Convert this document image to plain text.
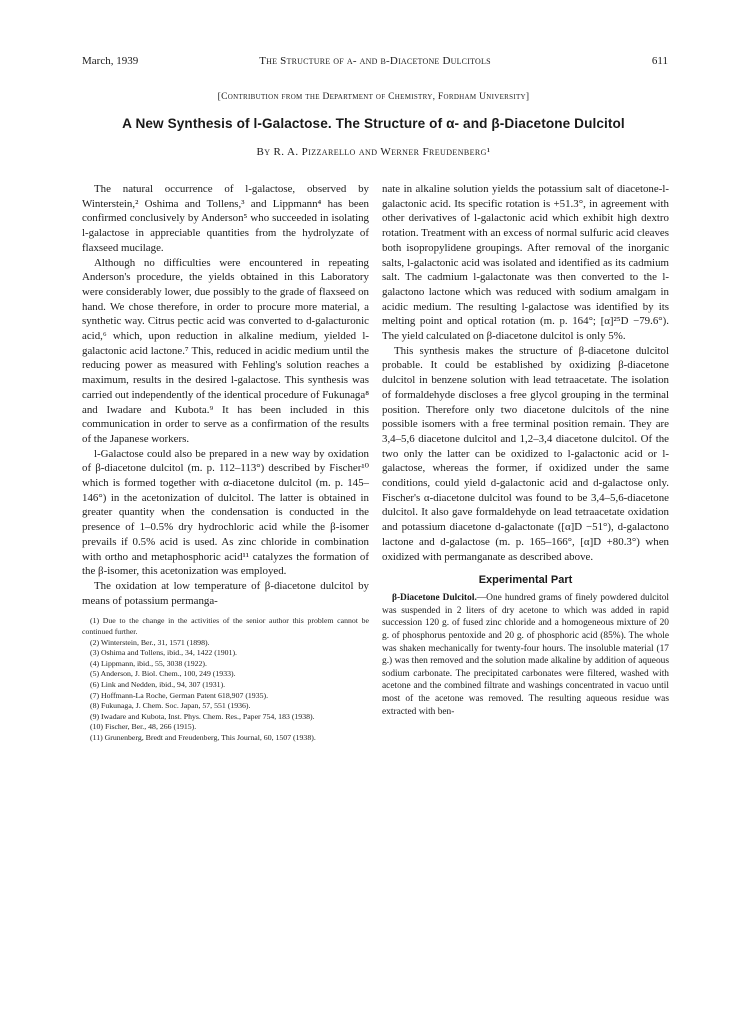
March, 1939	The Structure of α- and β-Diacetone Dulcitols	611
[Contribution from the Department of Chemistry, Fordham University]
A New Synthesis of l-Galactose. The Structure of α- and β-Diacetone Dulcitol
By R. A. Pizzarello and Werner Freudenberg¹

The natural occurrence of l-galactose, observed by Winterstein,² Oshima and Tollens,³ and Lippmann⁴ has been confirmed conclusively by Anderson⁵ who succeeded in isolating l-galactose in appreciable quantities from the hydrolyzate of flaxseed mucilage.

Although no difficulties were encountered in repeating Anderson's procedure, the yields obtained in this Laboratory were considerably lower, due possibly to the grade of flaxseed on hand. We chose therefore, in order to procure more material, a synthetic way. Citrus pectic acid was converted to d-galacturonic acid,⁶ which, upon reduction in alkaline medium, yielded l-galactonic acid lactone.⁷ This, reduced in acidic medium until the reducing power as measured with Fehling's solution reaches a maximum, results in the desired l-galactose. This synthesis was carried out independently of the identical procedure of Fukunaga⁸ and Iwadare and Kubota.⁹ It has been included in this communication in order to serve as a confirmation of the results of the Japanese workers.

l-Galactose could also be prepared in a new way by oxidation of β-diacetone dulcitol (m. p. 112–113°) described by Fischer¹⁰ which is formed together with α-diacetone dulcitol (m. p. 145–146°) in the acetonization of dulcitol. The latter is obtained in greater quantity when the condensation is conducted in the presence of 1–0.5% dry hydrochloric acid while the β-isomer prevails if 0.5% acid is used. As zinc chloride in combination with ortho and metaphosphoric acid¹¹ catalyzes the formation of the β-isomer, this acetonization was employed.

The oxidation at low temperature of β-diacetone dulcitol by means of potassium permanga-

(1) Due to the change in the activities of the senior author this problem cannot be continued further.

(2) Winterstein, Ber., 31, 1571 (1898).

(3) Oshima and Tollens, ibid., 34, 1422 (1901).

(4) Lippmann, ibid., 55, 3038 (1922).

(5) Anderson, J. Biol. Chem., 100, 249 (1933).

(6) Link and Nedden, ibid., 94, 307 (1931).

(7) Hoffmann-La Roche, German Patent 618,907 (1935).

(8) Fukunaga, J. Chem. Soc. Japan, 57, 551 (1936).

(9) Iwadare and Kubota, Inst. Phys. Chem. Res., Paper 754, 183 (1938).

(10) Fischer, Ber., 48, 266 (1915).

(11) Grunenberg, Bredt and Freudenberg, This Journal, 60, 1507 (1938).

nate in alkaline solution yields the potassium salt of diacetone-l-galactonic acid. Its specific rotation is +51.3°, in agreement with other derivatives of l-galactonic acid which exhibit high dextro rotation. Treatment with an excess of normal sulfuric acid cleaves both isopropylidene groupings. After removal of the inorganic salts, l-galactonic acid was isolated and identified as its cadmium salt. The cadmium l-galactonate was then converted to the l-galactono lactone which was reduced with sodium amalgam in acidic medium. The resulting l-galactose was identified by its melting point and optical rotation (m. p. 164°; [α]²⁵D −79.6°). The yield calculated on β-diacetone dulcitol is only 5%.

This synthesis makes the structure of β-diacetone dulcitol probable. It could be established by oxidizing β-diacetone dulcitol in benzene solution with lead tetraacetate. The isolation of formaldehyde discloses a free glycol grouping in the terminal position. Therefore only two diacetone dulcitols of the nine possible isomers with a free terminal position remain. They are 3,4–5,6 diacetone dulcitol and 1,2–3,4 diacetone dulcitol. Of the two only the latter can be oxidized to l-galactonic acid or l-galactose, whereas the former, if oxidized under the same conditions, could yield d-galactonic acid and d-galactose only. Fischer's α-diacetone dulcitol was found to be 3,4–5,6-diacetone dulcitol. It also gave formaldehyde on lead tetraacetate oxidation and potassium diacetone d-galactonate ([α]D −51°), d-galactono lactone and d-galactose (m. p. 165–166°, [α]D +80.3°) when oxidized with permanganate as described above.

Experimental Part

β-Diacetone Dulcitol.—One hundred grams of finely powdered dulcitol was suspended in 2 liters of dry acetone to which was added in rapid succession 120 g. of fused zinc chloride and a homogeneous mixture of 20 g. of phosphorus pentoxide and 20 g. of phosphoric acid (85%). The whole was shaken mechanically for twenty-four hours. The insoluble material (17 g.) was then removed and the solution made alkaline by addition of aqueous sodium carbonate. The precipitated carbonates were filtered, washed with acetone and the combined filtrate and washings concentrated in vacuo until most of the acetone was removed. The resulting aqueous residue was extracted with ben-
